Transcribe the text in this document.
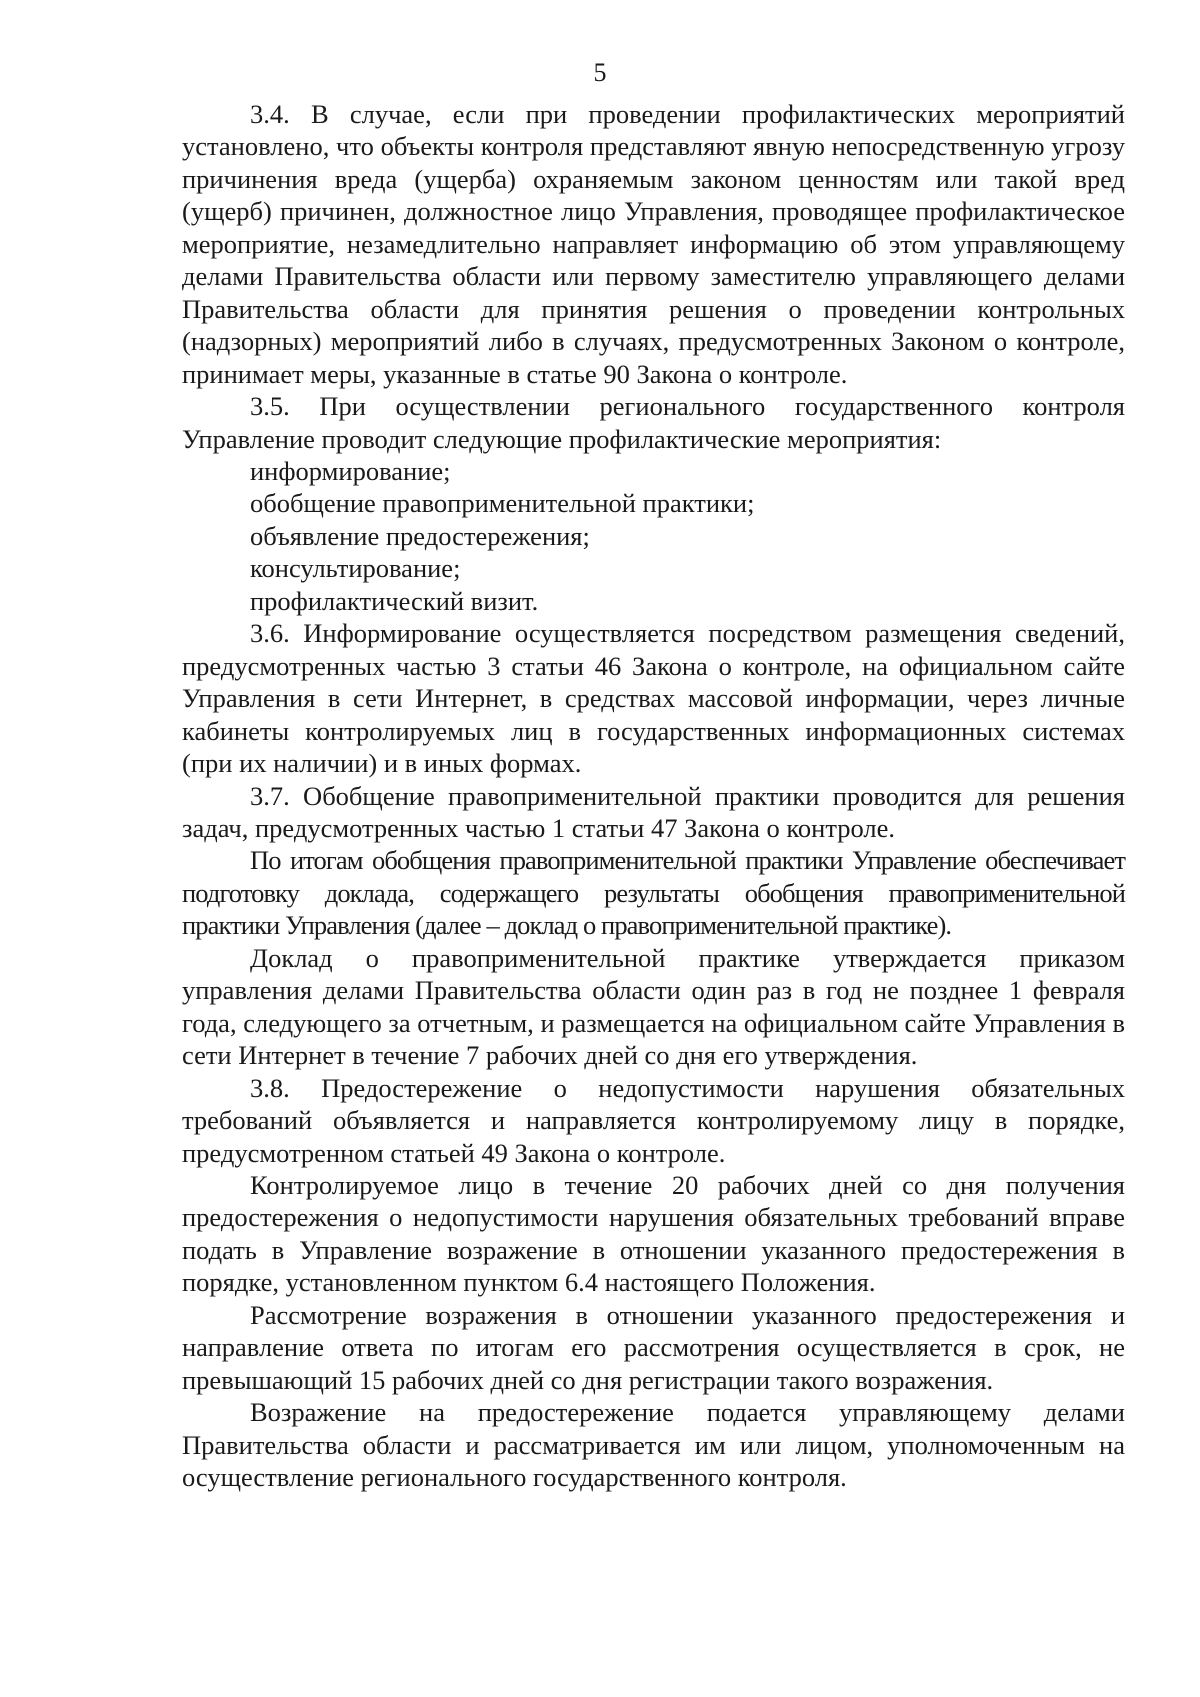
5

3.4. В случае, если при проведении профилактических мероприятий установлено, что объекты контроля представляют явную непосредственную угрозу причинения вреда (ущерба) охраняемым законом ценностям или такой вред (ущерб) причинен, должностное лицо Управления, проводящее профилактическое мероприятие, незамедлительно направляет информацию об этом управляющему делами Правительства области или первому заместителю управляющего делами Правительства области для принятия решения о проведении контрольных (надзорных) мероприятий либо в случаях, предусмотренных Законом о контроле, принимает меры, указанные в статье 90 Закона о контроле.

3.5. При осуществлении регионального государственного контроля Управление проводит следующие профилактические мероприятия:

информирование;

обобщение правоприменительной практики;

объявление предостережения;

консультирование;

профилактический визит.

3.6. Информирование осуществляется посредством размещения сведений, предусмотренных частью 3 статьи 46 Закона о контроле, на официальном сайте Управления в сети Интернет, в средствах массовой информации, через личные кабинеты контролируемых лиц в государственных информационных системах (при их наличии) и в иных формах.

3.7. Обобщение правоприменительной практики проводится для решения задач, предусмотренных частью 1 статьи 47 Закона о контроле.

По итогам обобщения правоприменительной практики Управление обеспечивает подготовку доклада, содержащего результаты обобщения правоприменительной практики Управления (далее – доклад о правоприменительной практике).

Доклад о правоприменительной практике утверждается приказом управления делами Правительства области один раз в год не позднее 1 февраля года, следующего за отчетным, и размещается на официальном сайте Управления в сети Интернет в течение 7 рабочих дней со дня его утверждения.

3.8. Предостережение о недопустимости нарушения обязательных требований объявляется и направляется контролируемому лицу в порядке, предусмотренном статьей 49 Закона о контроле.

Контролируемое лицо в течение 20 рабочих дней со дня получения предостережения о недопустимости нарушения обязательных требований вправе подать в Управление возражение в отношении указанного предостережения в порядке, установленном пунктом 6.4 настоящего Положения.

Рассмотрение возражения в отношении указанного предостережения и направление ответа по итогам его рассмотрения осуществляется в срок, не превышающий 15 рабочих дней со дня регистрации такого возражения.

Возражение на предостережение подается управляющему делами Правительства области и рассматривается им или лицом, уполномоченным на осуществление регионального государственного контроля.
